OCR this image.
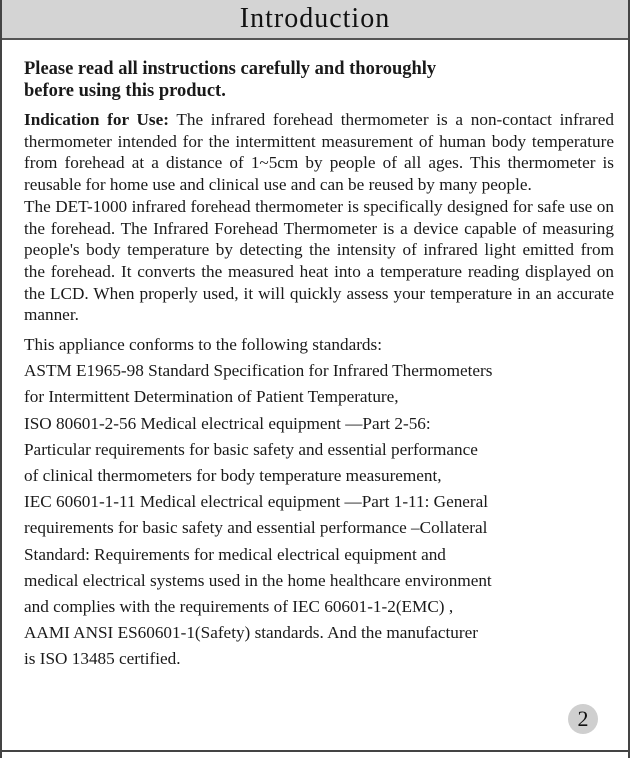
Introduction

Please read all instructions carefully and thoroughly
before using this product.

Indication for Use: The infrared forehead thermometer is a non-contact infrared thermometer intended for the intermittent measurement of human body temperature from forehead at a distance of 1~5cm by people of all ages. This thermometer is reusable for home use and clinical use and can be reused by many people.

The DET-1000 infrared forehead thermometer is specifically designed for safe use on the forehead. The Infrared Forehead Thermometer is a device capable of measuring people's body temperature by detecting the intensity of infrared light emitted from the forehead. It converts the measured heat into a temperature reading displayed on the LCD. When properly used, it will quickly assess your temperature in an accurate manner.

This appliance conforms to the following standards:

ASTM E1965-98 Standard Specification for Infrared Thermometers

for Intermittent Determination of Patient Temperature,

ISO 80601-2-56 Medical electrical equipment —Part 2-56:

Particular requirements for basic safety and essential performance

of clinical thermometers for body temperature measurement,

IEC 60601-1-11 Medical electrical equipment —Part 1-11: General

requirements for basic safety and essential performance –Collateral

Standard: Requirements for medical electrical equipment and

medical electrical systems used in the home healthcare environment

and complies with the requirements of IEC 60601-1-2(EMC) ,

AAMI ANSI ES60601-1(Safety) standards. And the manufacturer

is ISO 13485 certified.

2
